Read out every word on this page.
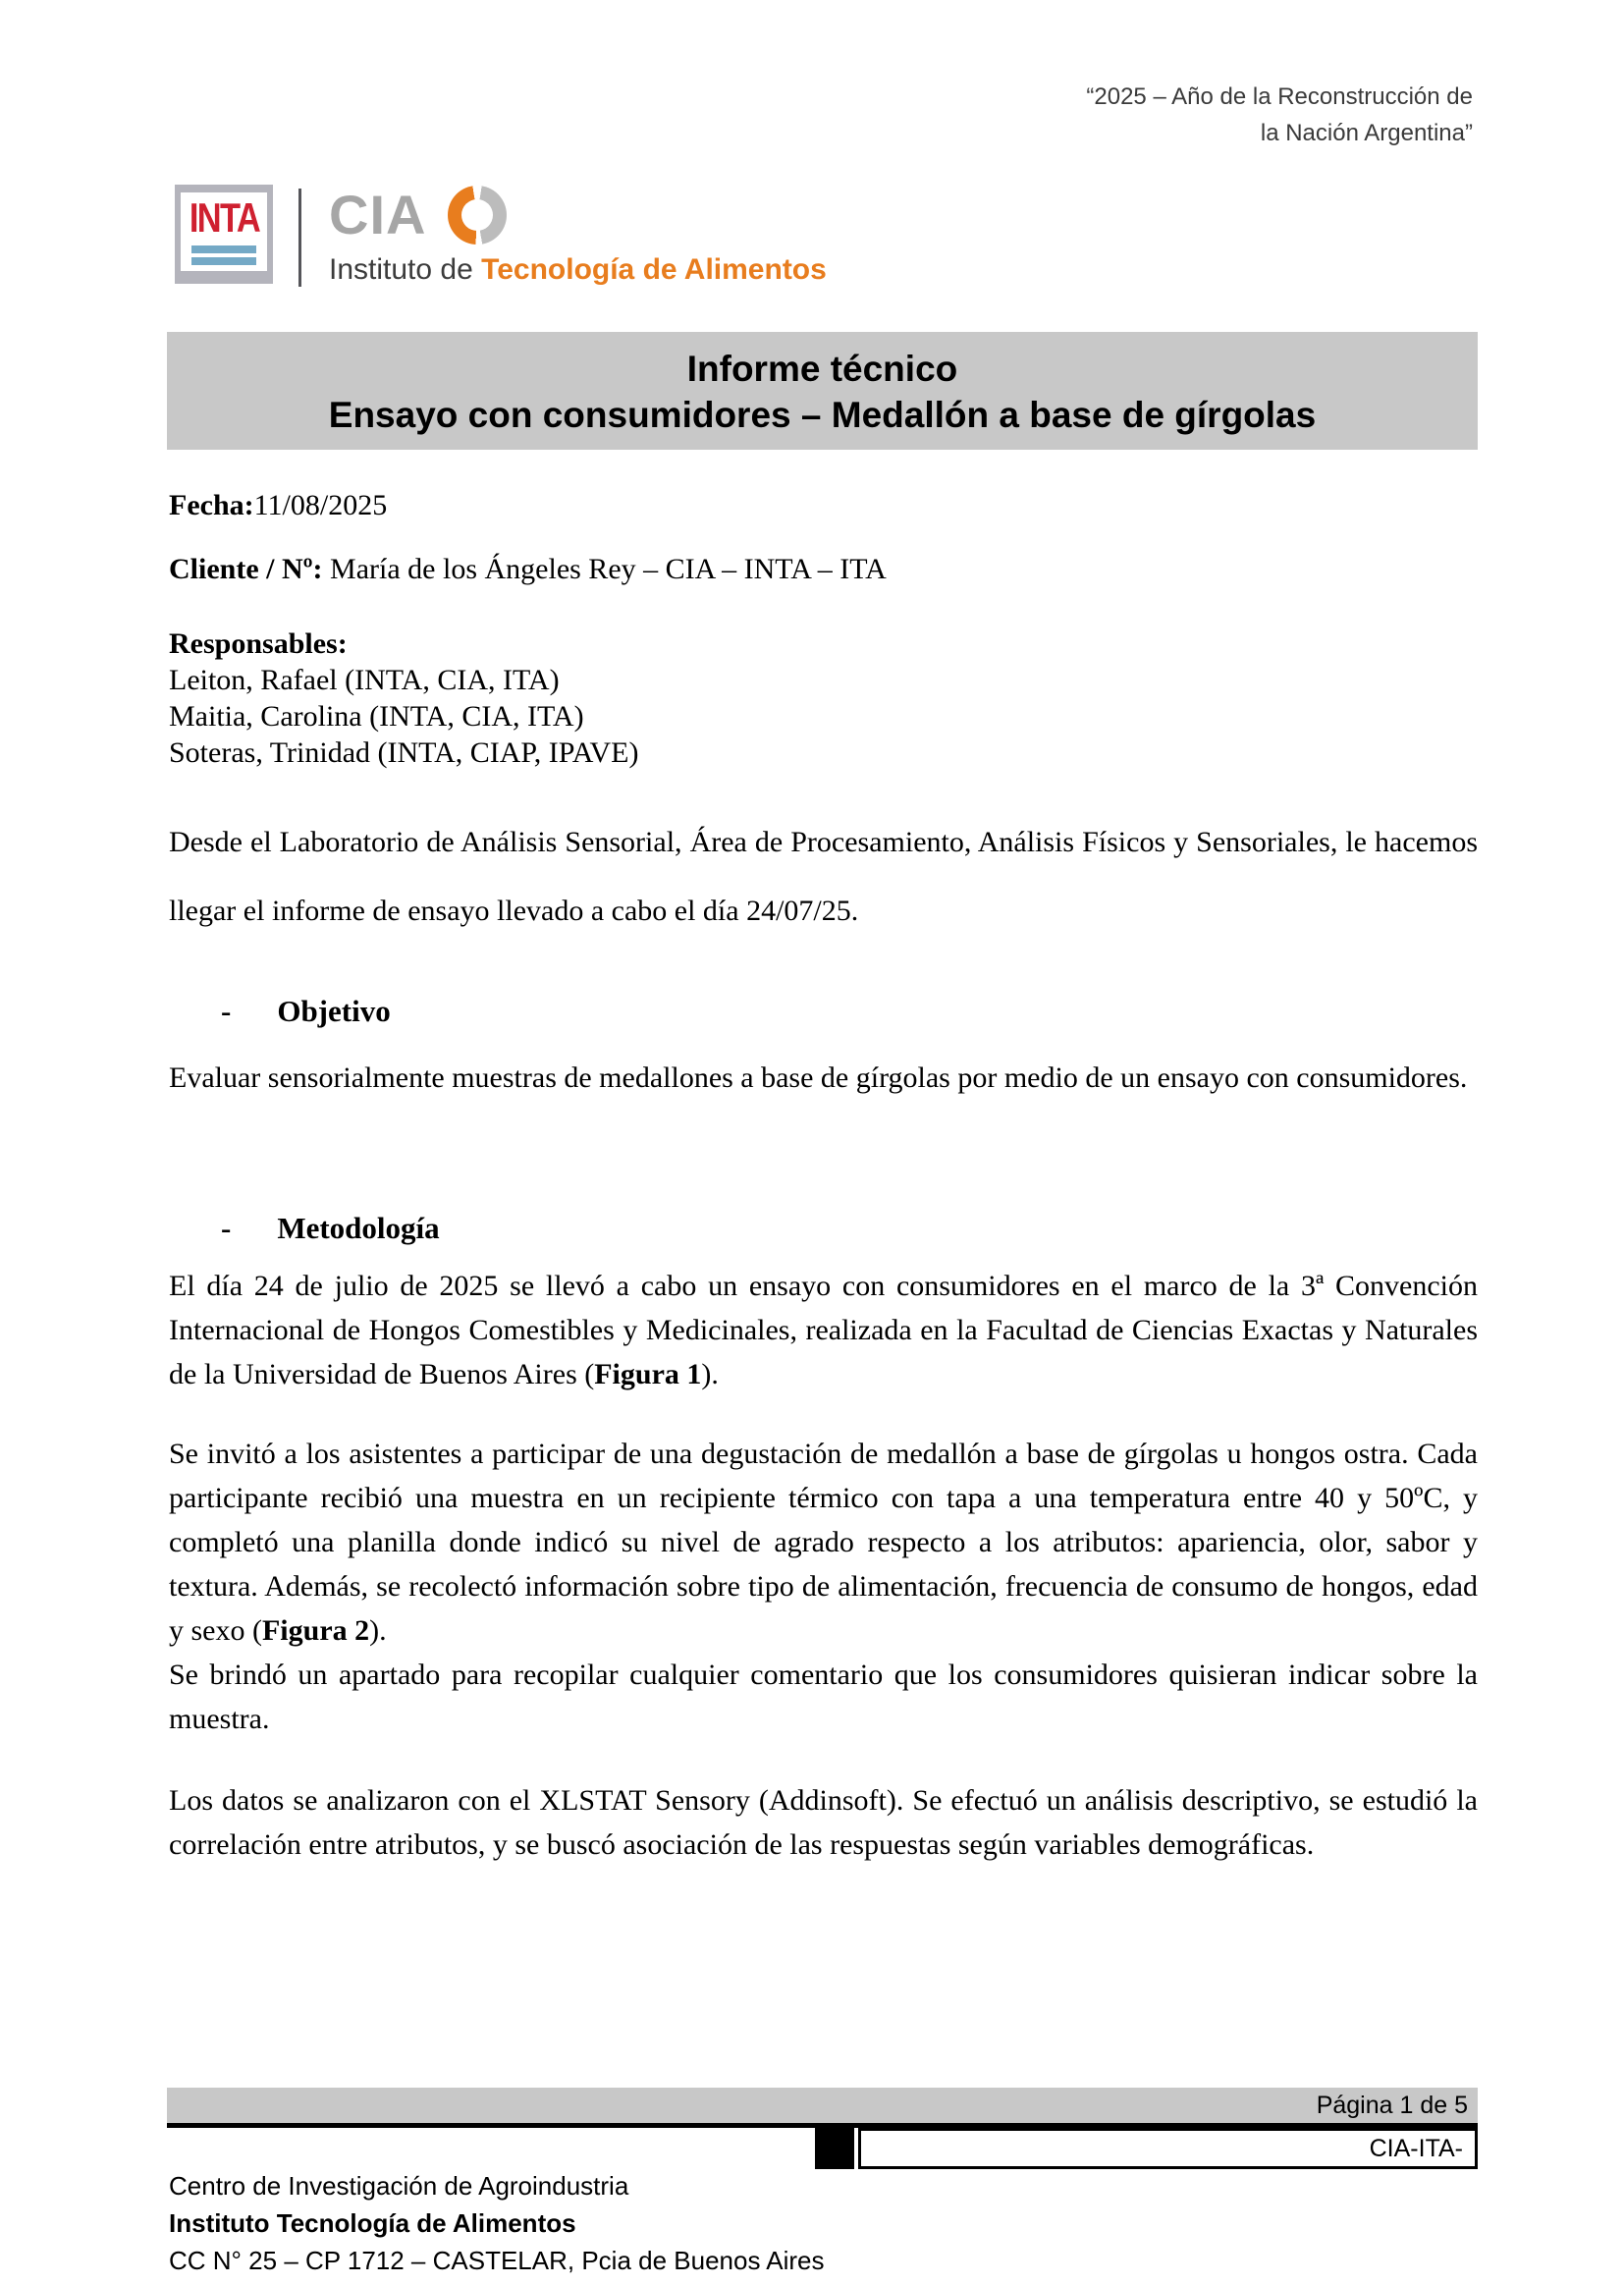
“2025 – Año de la Reconstrucción de
la Nación Argentina”
INTA CIA
Instituto de Tecnología de Alimentos
Informe técnico
Ensayo con consumidores – Medallón a base de gírgolas
Fecha:11/08/2025
Cliente / Nº: María de los Ángeles Rey – CIA – INTA – ITA
Responsables:
Leiton, Rafael (INTA, CIA, ITA)
Maitia, Carolina (INTA, CIA, ITA)
Soteras, Trinidad (INTA, CIAP, IPAVE)
Desde el Laboratorio de Análisis Sensorial, Área de Procesamiento, Análisis Físicos y Sensoriales, le hacemos llegar el informe de ensayo llevado a cabo el día 24/07/25.
- Objetivo
Evaluar sensorialmente muestras de medallones a base de gírgolas por medio de un ensayo con consumidores.
- Metodología
El día 24 de julio de 2025 se llevó a cabo un ensayo con consumidores en el marco de la 3ª Convención Internacional de Hongos Comestibles y Medicinales, realizada en la Facultad de Ciencias Exactas y Naturales de la Universidad de Buenos Aires (Figura 1).
Se invitó a los asistentes a participar de una degustación de medallón a base de gírgolas u hongos ostra. Cada participante recibió una muestra en un recipiente térmico con tapa a una temperatura entre 40 y 50ºC, y completó una planilla donde indicó su nivel de agrado respecto a los atributos: apariencia, olor, sabor y textura. Además, se recolectó información sobre tipo de alimentación, frecuencia de consumo de hongos, edad y sexo (Figura 2).
Se brindó un apartado para recopilar cualquier comentario que los consumidores quisieran indicar sobre la muestra.
Los datos se analizaron con el XLSTAT Sensory (Addinsoft). Se efectuó un análisis descriptivo, se estudió la correlación entre atributos, y se buscó asociación de las respuestas según variables demográficas.
Página 1 de 5
CIA-ITA-
Centro de Investigación de Agroindustria
Instituto Tecnología de Alimentos
CC N° 25 – CP 1712 – CASTELAR, Pcia de Buenos Aires
